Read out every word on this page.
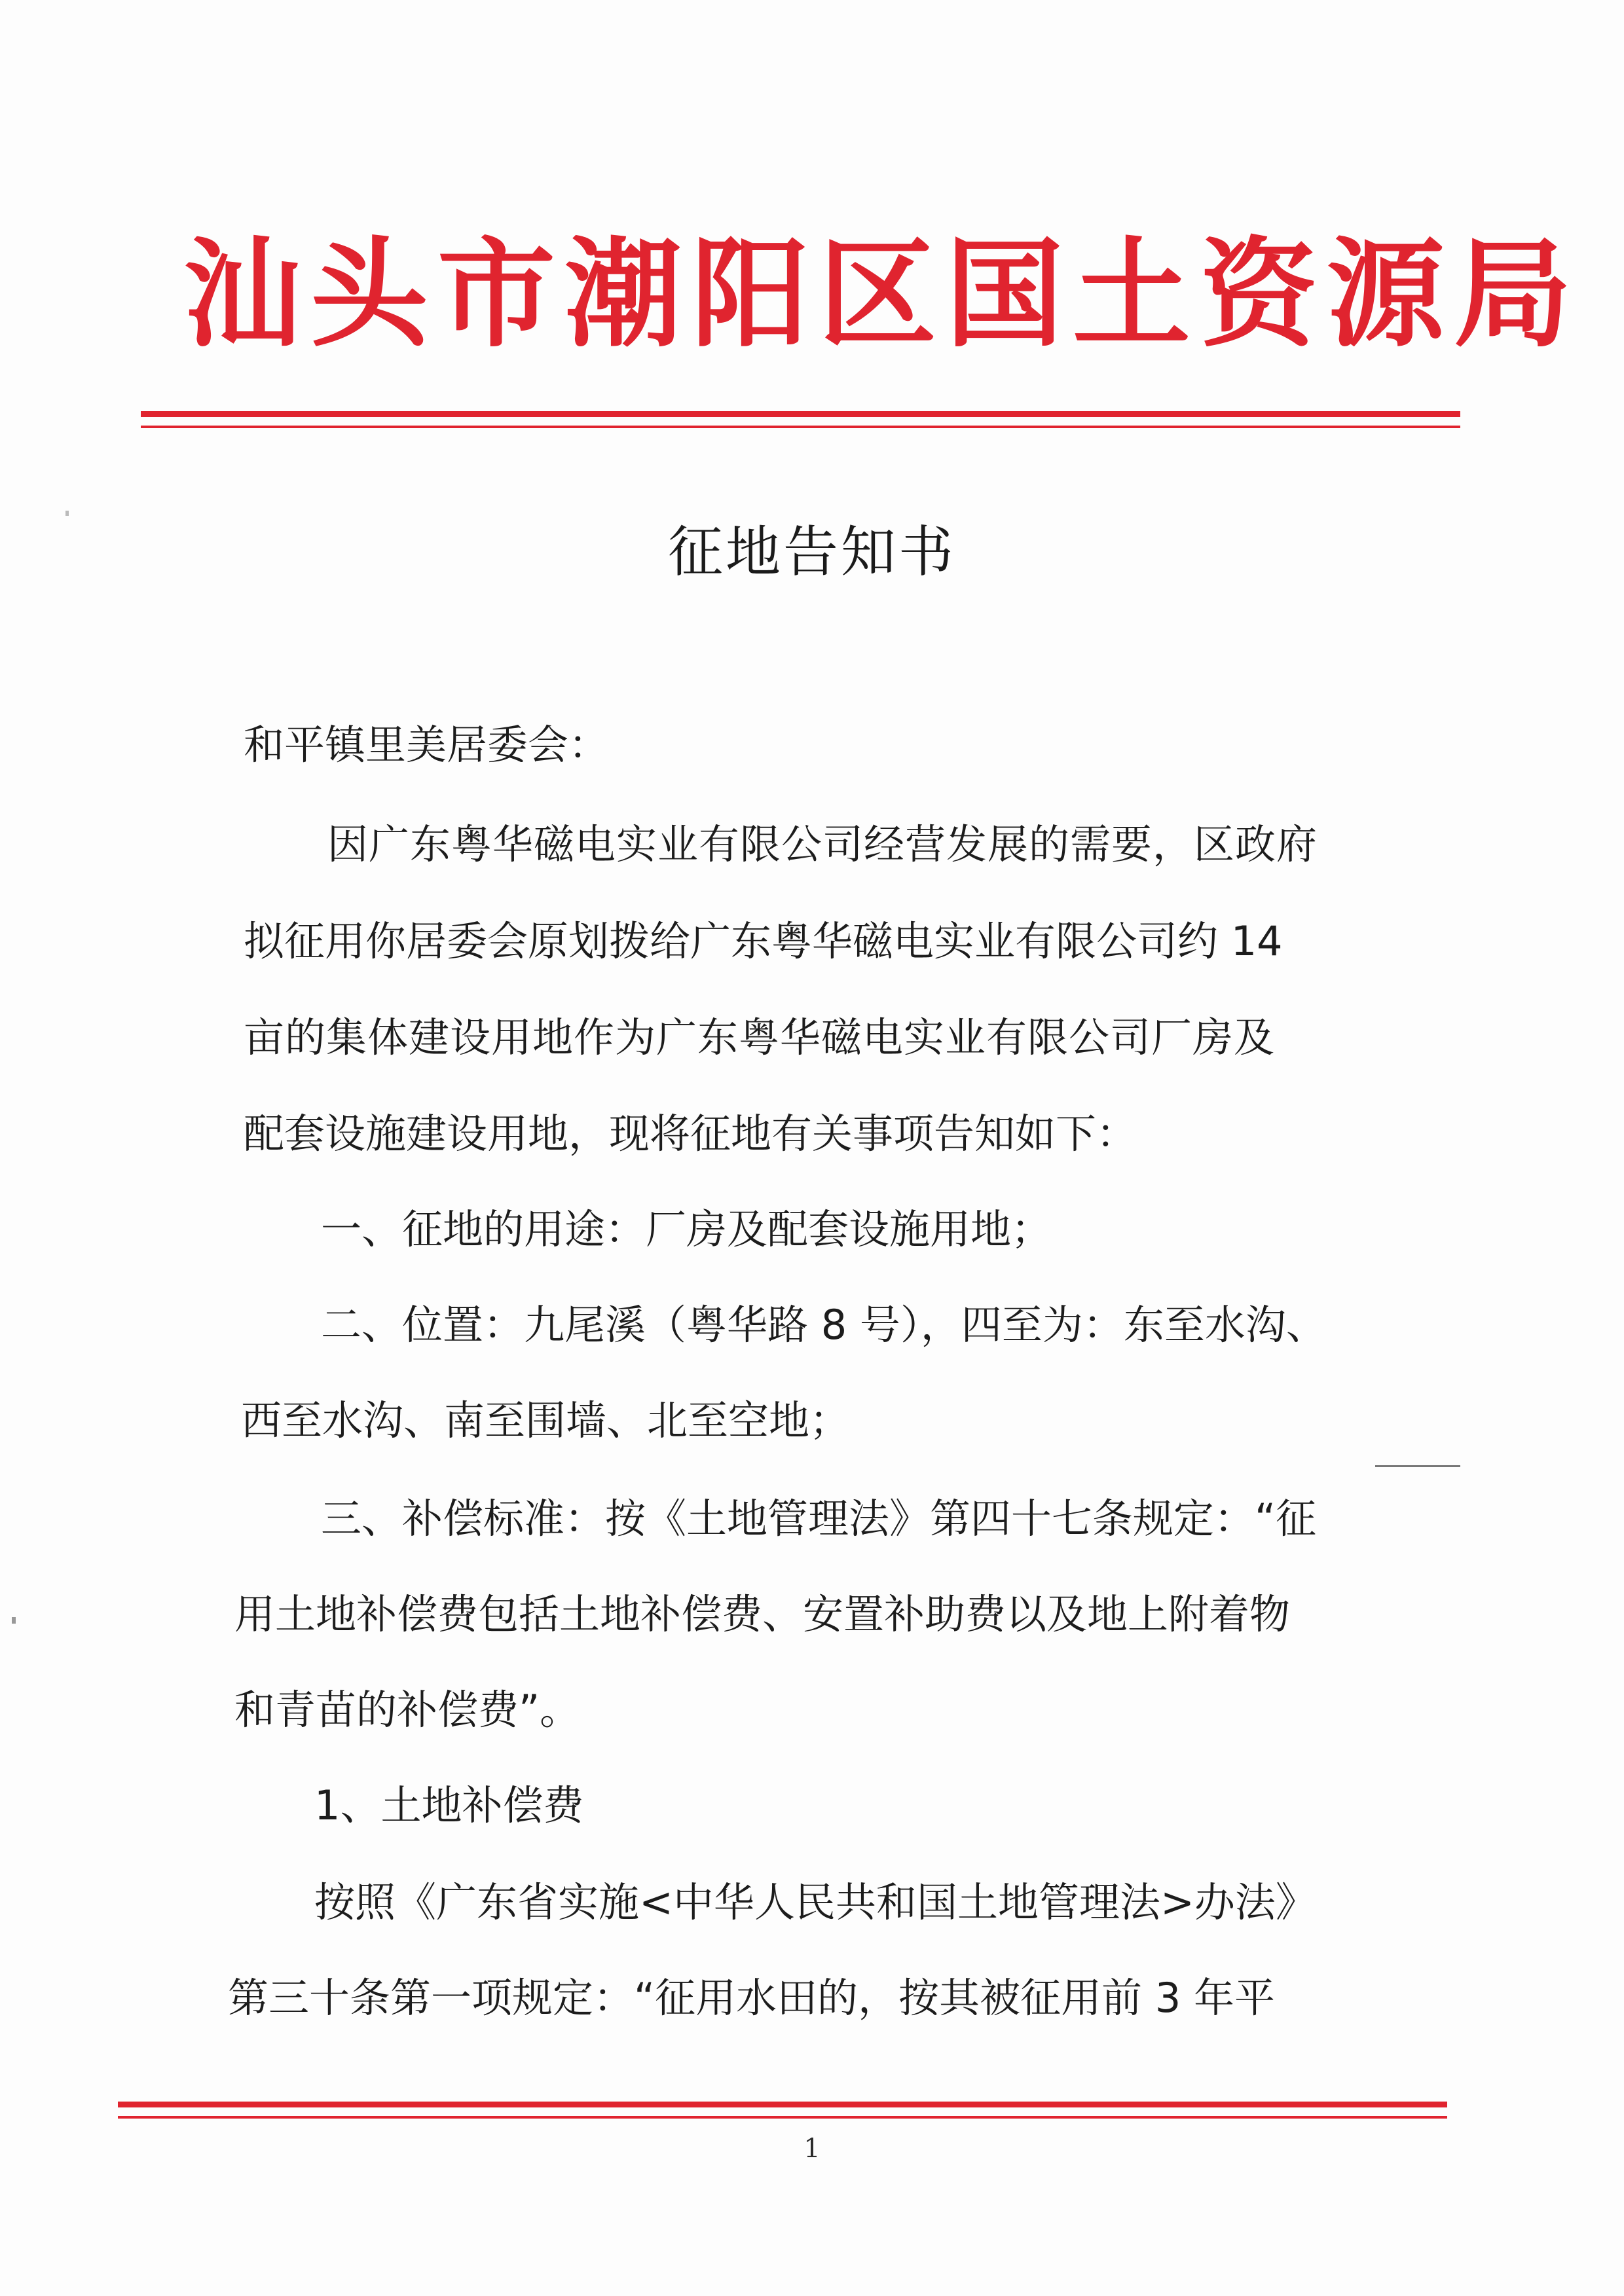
汕头市潮阳区国土资源局
征地告知书
和平镇里美居委会：
因广东粤华磁电实业有限公司经营发展的需要，区政府
拟征用你居委会原划拨给广东粤华磁电实业有限公司约 14
亩的集体建设用地作为广东粤华磁电实业有限公司厂房及
配套设施建设用地，现将征地有关事项告知如下：
一、征地的用途：厂房及配套设施用地；
二、位置：九尾溪（粤华路 8 号），四至为：东至水沟、
西至水沟、南至围墙、北至空地；
三、补偿标准：按《土地管理法》第四十七条规定：“征
用土地补偿费包括土地补偿费、安置补助费以及地上附着物
和青苗的补偿费”。
1、土地补偿费
按照《广东省实施<中华人民共和国土地管理法>办法》
第三十条第一项规定：“征用水田的，按其被征用前 3 年平
1
